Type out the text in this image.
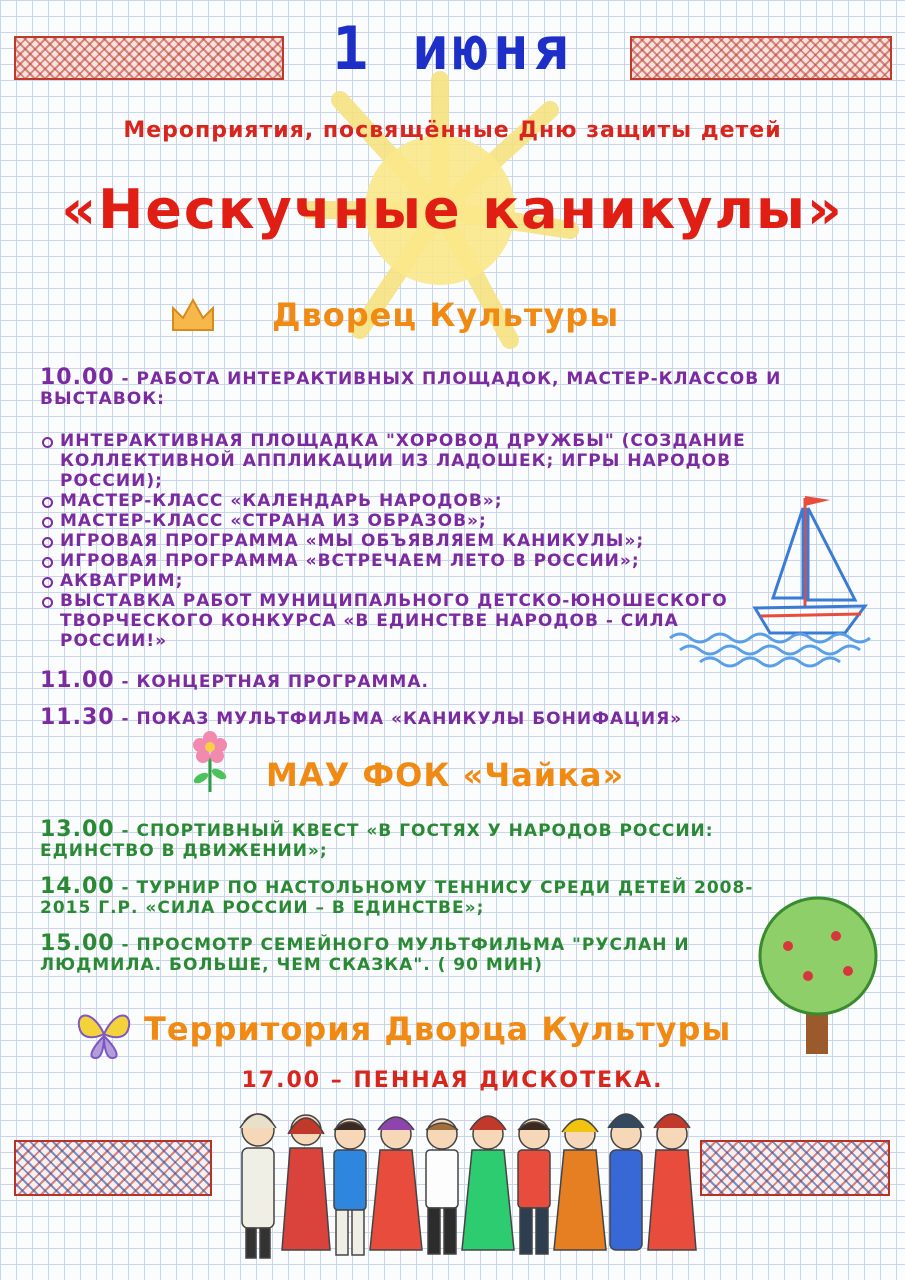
1 июня
Мероприятия, посвящённые Дню защиты детей
«Нескучные каникулы»
Дворец Культуры
10.00 - РАБОТА ИНТЕРАКТИВНЫХ ПЛОЩАДОК, МАСТЕР-КЛАССОВ И ВЫСТАВОК:
ИНТЕРАКТИВНАЯ ПЛОЩАДКА "ХОРОВОД ДРУЖБЫ" (СОЗДАНИЕ КОЛЛЕКТИВНОЙ АППЛИКАЦИИ ИЗ ЛАДОШЕК; ИГРЫ НАРОДОВ РОССИИ);
МАСТЕР-КЛАСС «КАЛЕНДАРЬ НАРОДОВ»;
МАСТЕР-КЛАСС «СТРАНА ИЗ ОБРАЗОВ»;
ИГРОВАЯ ПРОГРАММА «МЫ ОБЪЯВЛЯЕМ КАНИКУЛЫ»;
ИГРОВАЯ ПРОГРАММА «ВСТРЕЧАЕМ ЛЕТО В РОССИИ»;
АКВАГРИМ;
ВЫСТАВКА РАБОТ МУНИЦИПАЛЬНОГО ДЕТСКО-ЮНОШЕСКОГО ТВОРЧЕСКОГО КОНКУРСА «В ЕДИНСТВЕ НАРОДОВ - СИЛА РОССИИ!»
11.00 - КОНЦЕРТНАЯ ПРОГРАММА.
11.30 - ПОКАЗ МУЛЬТФИЛЬМА «КАНИКУЛЫ БОНИФАЦИЯ»
МАУ ФОК «Чайка»
13.00 - СПОРТИВНЫЙ КВЕСТ «В ГОСТЯХ У НАРОДОВ РОССИИ: ЕДИНСТВО В ДВИЖЕНИИ»;
14.00 - ТУРНИР ПО НАСТОЛЬНОМУ ТЕННИСУ СРЕДИ ДЕТЕЙ 2008-2015 Г.Р. «СИЛА РОССИИ – В ЕДИНСТВЕ»;
15.00 - ПРОСМОТР СЕМЕЙНОГО МУЛЬТФИЛЬМА "РУСЛАН И ЛЮДМИЛА. БОЛЬШЕ, ЧЕМ СКАЗКА". ( 90 МИН)
Территория Дворца Культуры
17.00 – ПЕННАЯ ДИСКОТЕКА.
